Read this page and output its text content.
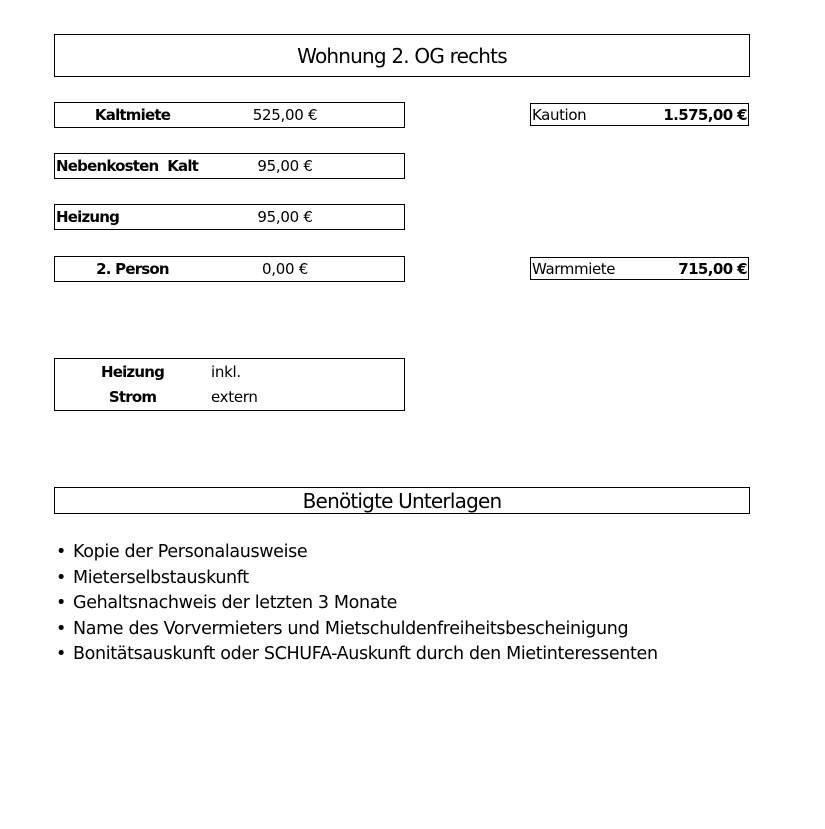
Wohnung 2. OG rechts
Kaltmiete	525,00 €
Nebenkosten  Kalt	95,00 €
Heizung	95,00 €
2. Person	0,00 €
Kaution	1.575,00 €
Warmmiete	715,00 €
Heizung	inkl.
Strom	extern
Benötigte Unterlagen
• Kopie der Personalausweise
• Mieterselbstauskunft
• Gehaltsnachweis der letzten 3 Monate
• Name des Vorvermieters und Mietschuldenfreiheitsbescheinigung
• Bonitätsauskunft oder SCHUFA-Auskunft durch den Mietinteressenten
